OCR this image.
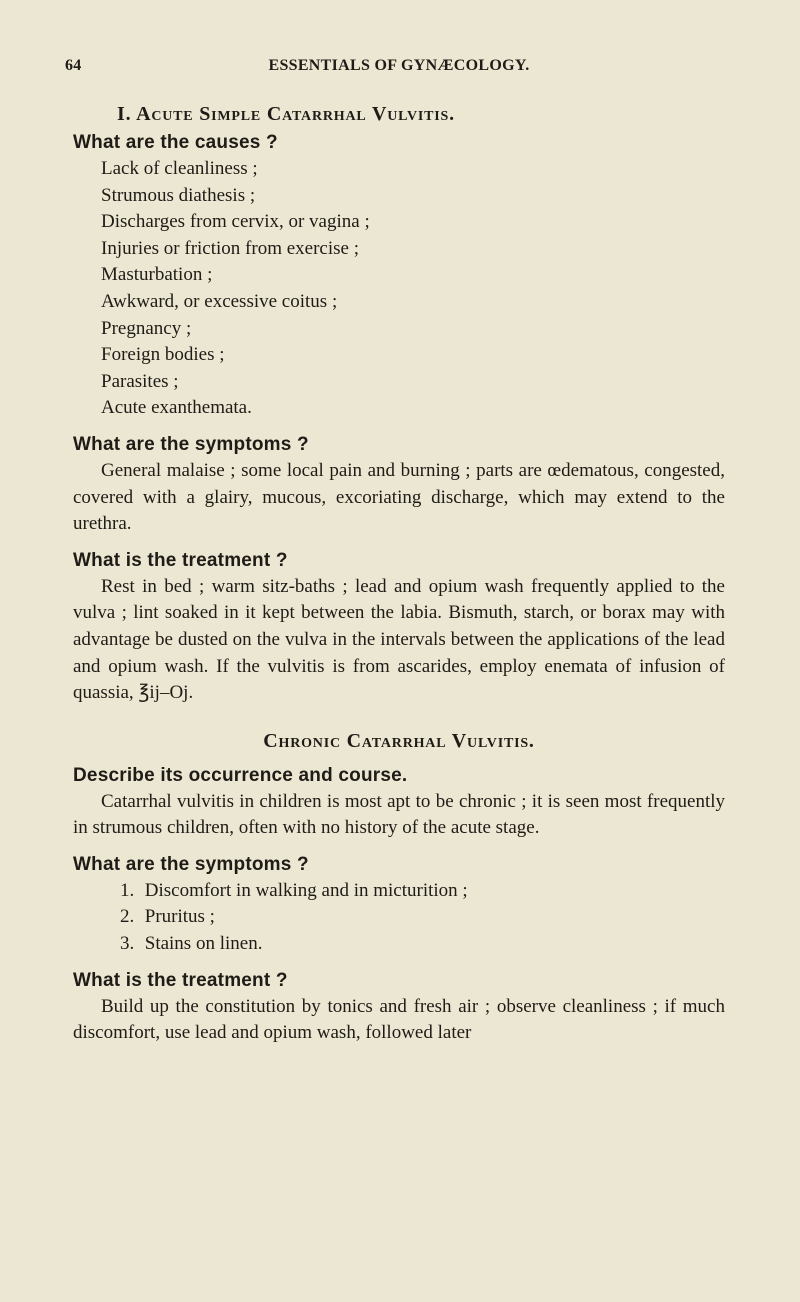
64	ESSENTIALS OF GYNÆCOLOGY.
I. Acute Simple Catarrhal Vulvitis.
What are the causes ?
Lack of cleanliness ;
Strumous diathesis ;
Discharges from cervix, or vagina ;
Injuries or friction from exercise ;
Masturbation ;
Awkward, or excessive coitus ;
Pregnancy ;
Foreign bodies ;
Parasites ;
Acute exanthemata.
What are the symptoms ?

General malaise ; some local pain and burning ; parts are œdematous, congested, covered with a glairy, mucous, excoriating discharge, which may extend to the urethra.

What is the treatment ?

Rest in bed ; warm sitz-baths ; lead and opium wash frequently applied to the vulva ; lint soaked in it kept between the labia. Bismuth, starch, or borax may with advantage be dusted on the vulva in the intervals between the applications of the lead and opium wash. If the vulvitis is from ascarides, employ enemata of infusion of quassia, ℥ij–Oj.

Chronic Catarrhal Vulvitis.
Describe its occurrence and course.

Catarrhal vulvitis in children is most apt to be chronic ; it is seen most frequently in strumous children, often with no history of the acute stage.

What are the symptoms ?
1. Discomfort in walking and in micturition ;
2. Pruritus ;
3. Stains on linen.
What is the treatment ?

Build up the constitution by tonics and fresh air ; observe cleanliness ; if much discomfort, use lead and opium wash, followed later
